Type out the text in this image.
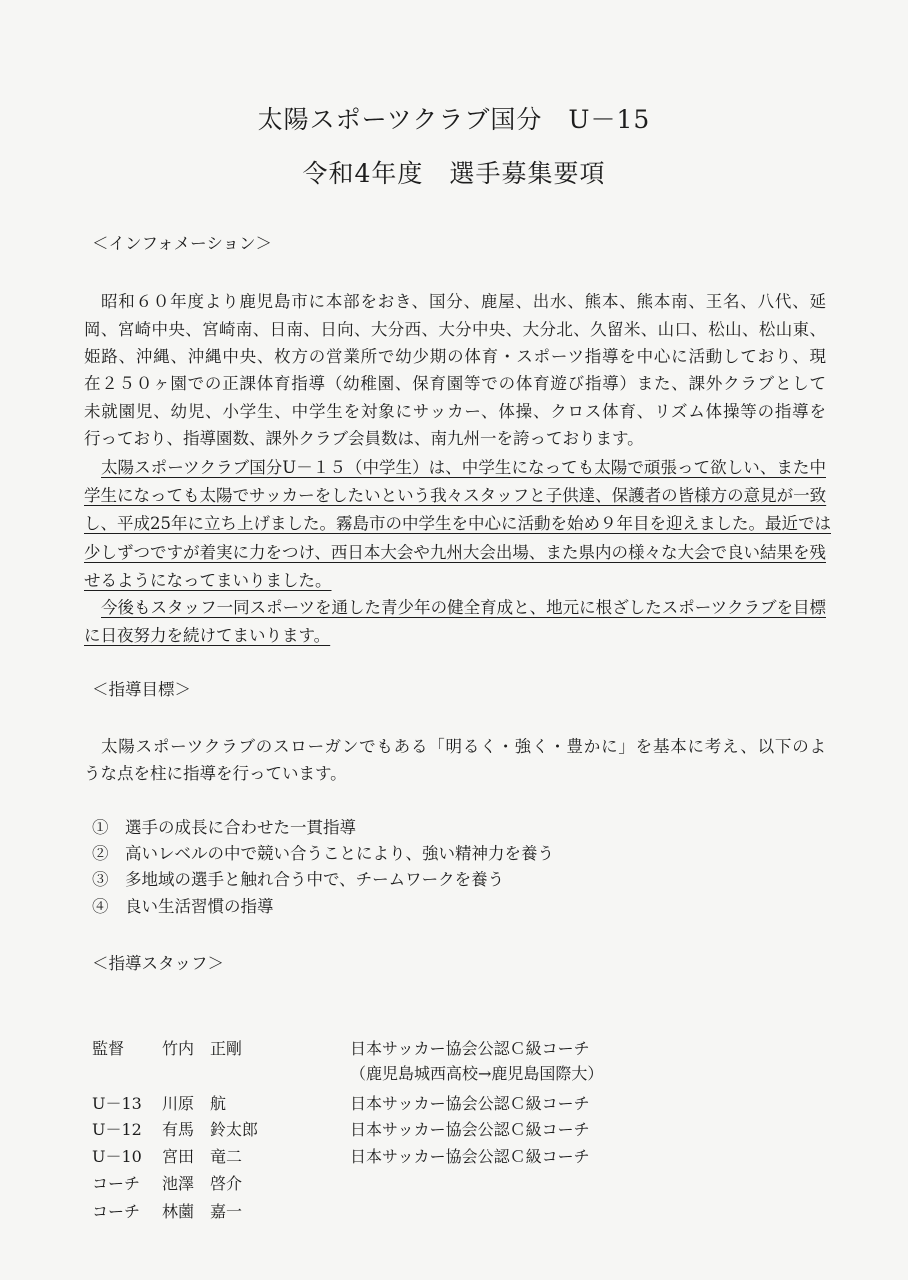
太陽スポーツクラブ国分　U－15
令和4年度　選手募集要項
＜インフォメーション＞
昭和６０年度より鹿児島市に本部をおき、国分、鹿屋、出水、熊本、熊本南、王名、八代、延
岡、宮崎中央、宮崎南、日南、日向、大分西、大分中央、大分北、久留米、山口、松山、松山東、
姫路、沖縄、沖縄中央、枚方の営業所で幼少期の体育・スポーツ指導を中心に活動しており、現
在２５０ヶ園での正課体育指導（幼稚園、保育園等での体育遊び指導）また、課外クラブとして
未就園児、幼児、小学生、中学生を対象にサッカー、体操、クロス体育、リズム体操等の指導を
行っており、指導園数、課外クラブ会員数は、南九州一を誇っております。
太陽スポーツクラブ国分U－１５（中学生）は、中学生になっても太陽で頑張って欲しい、また中
学生になっても太陽でサッカーをしたいという我々スタッフと子供達、保護者の皆様方の意見が一致
し、平成25年に立ち上げました。霧島市の中学生を中心に活動を始め９年目を迎えました。最近では
少しずつですが着実に力をつけ、西日本大会や九州大会出場、また県内の様々な大会で良い結果を残
せるようになってまいりました。
今後もスタッフ一同スポーツを通した青少年の健全育成と、地元に根ざしたスポーツクラブを目標
に日夜努力を続けてまいります。
＜指導目標＞
太陽スポーツクラブのスローガンでもある「明るく・強く・豊かに」を基本に考え、以下のよ
うな点を柱に指導を行っています。
①　選手の成長に合わせた一貫指導
②　高いレベルの中で競い合うことにより、強い精神力を養う
③　多地域の選手と触れ合う中で、チームワークを養う
④　良い生活習慣の指導
＜指導スタッフ＞
監督 竹内　正剛	日本サッカー協会公認Ｃ級コーチ
（鹿児島城西高校→鹿児島国際大）
U－13 川原　航	日本サッカー協会公認Ｃ級コーチ
U－12 有馬　鈴太郎	日本サッカー協会公認Ｃ級コーチ
U－10 宮田　竜二	日本サッカー協会公認Ｃ級コーチ
コーチ 池澤　啓介
コーチ 林薗　嘉一
